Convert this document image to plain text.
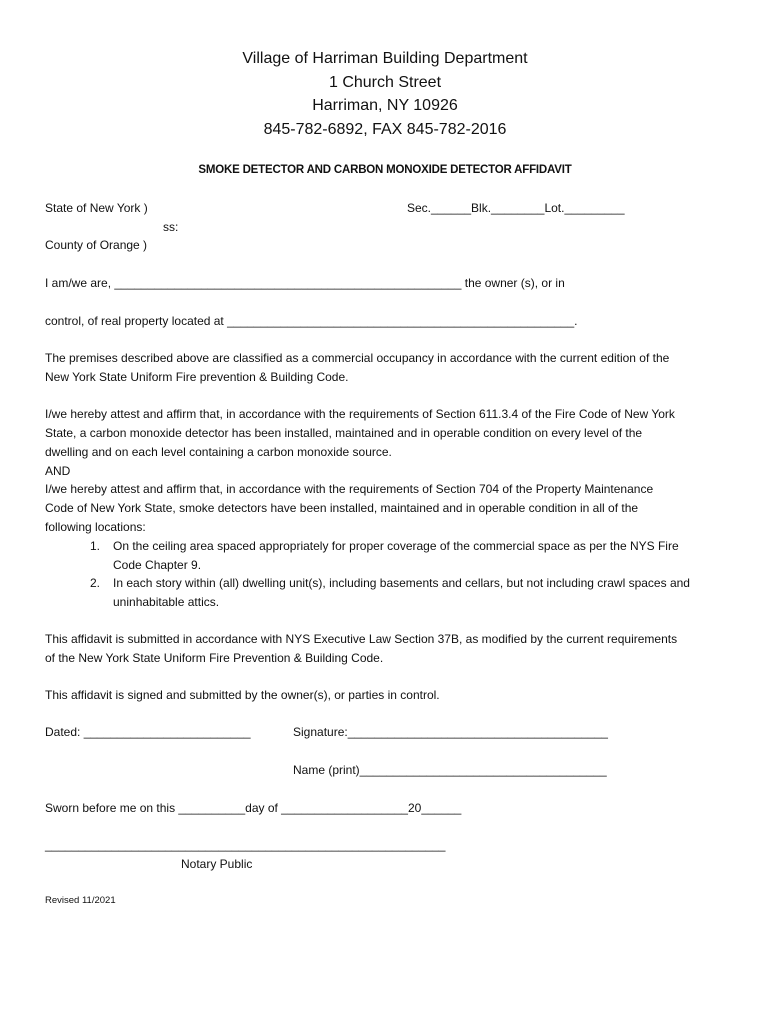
Village of Harriman Building Department
1 Church Street
Harriman, NY 10926
845-782-6892, FAX 845-782-2016
SMOKE DETECTOR AND CARBON MONOXIDE DETECTOR AFFIDAVIT
State of New York )	Sec.______Blk.________Lot._________
ss:
County of Orange )
I am/we are, ____________________________________________________ the owner (s), or in
control, of real property located at ____________________________________________________.
The premises described above are classified as a commercial occupancy in accordance with the current edition of the
New York State Uniform Fire prevention & Building Code.
I/we hereby attest and affirm that, in accordance with the requirements of Section 611.3.4 of the Fire Code of New York
State, a carbon monoxide detector has been installed, maintained and in operable condition on every level of the
dwelling and on each level containing a carbon monoxide source.
AND
I/we hereby attest and affirm that, in accordance with the requirements of Section 704 of the Property Maintenance
Code of New York State, smoke detectors have been installed, maintained and in operable condition in all of the
following locations:
1. On the ceiling area spaced appropriately for proper coverage of the commercial space as per the NYS Fire
Code Chapter 9.
2. In each story within (all) dwelling unit(s), including basements and cellars, but not including crawl spaces and
uninhabitable attics.
This affidavit is submitted in accordance with NYS Executive Law Section 37B, as modified by the current requirements
of the New York State Uniform Fire Prevention & Building Code.
This affidavit is signed and submitted by the owner(s), or parties in control.
Dated: _________________________	Signature:_______________________________________
Name (print)_____________________________________
Sworn before me on this __________day of ___________________20______
____________________________________________________________
Notary Public
Revised 11/2021
